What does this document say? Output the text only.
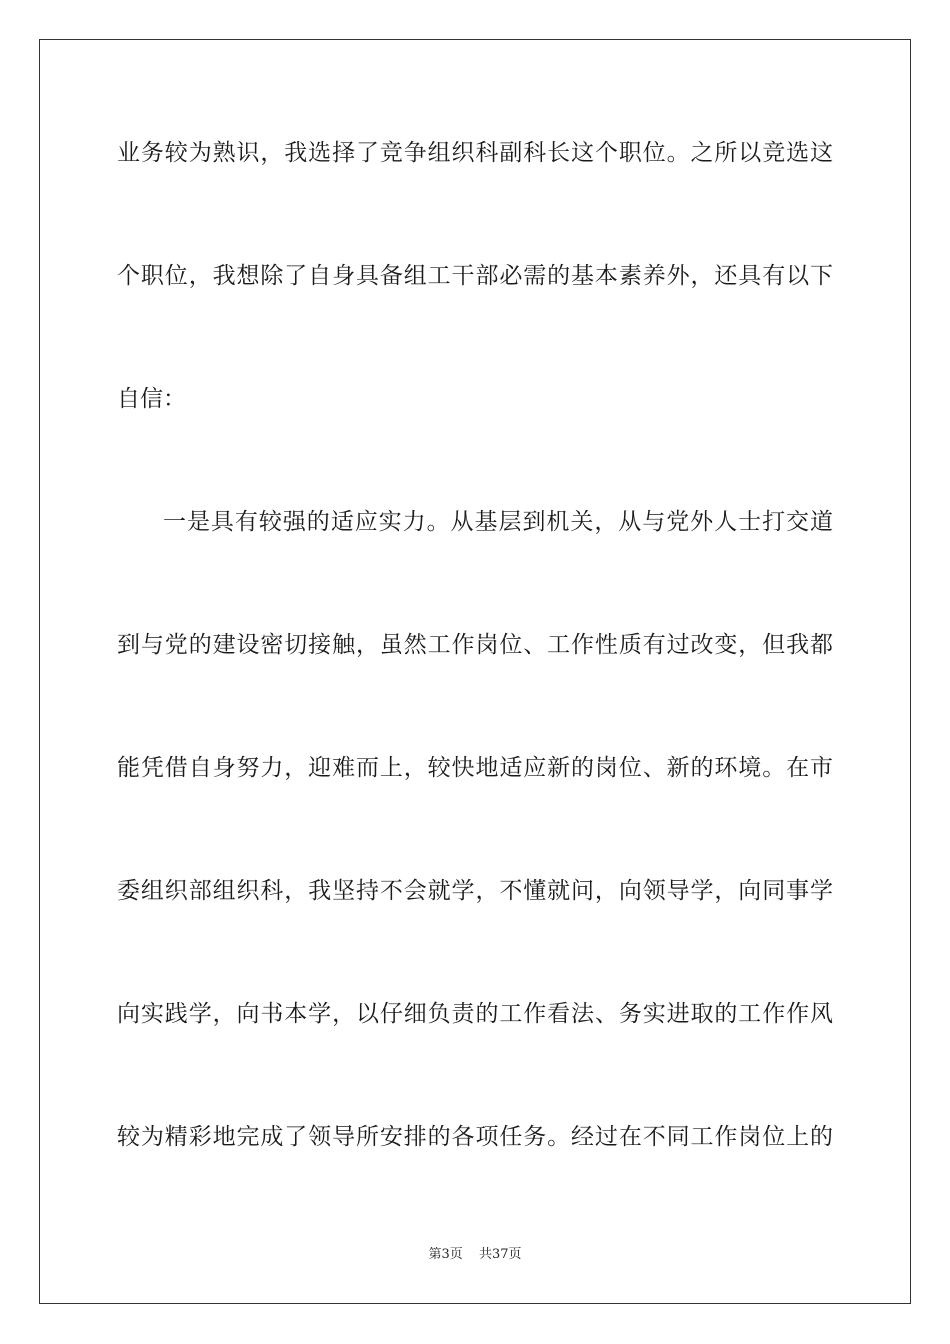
业务较为熟识，我选择了竞争组织科副科长这个职位。之所以竞选这
个职位，我想除了自身具备组工干部必需的基本素养外，还具有以下
自信：
一是具有较强的适应实力。从基层到机关，从与党外人士打交道
到与党的建设密切接触，虽然工作岗位、工作性质有过改变，但我都
能凭借自身努力，迎难而上，较快地适应新的岗位、新的环境。在市
委组织部组织科，我坚持不会就学，不懂就问，向领导学，向同事学
向实践学，向书本学，以仔细负责的工作看法、务实进取的工作作风
较为精彩地完成了领导所安排的各项任务。经过在不同工作岗位上的
第3页 共37页
